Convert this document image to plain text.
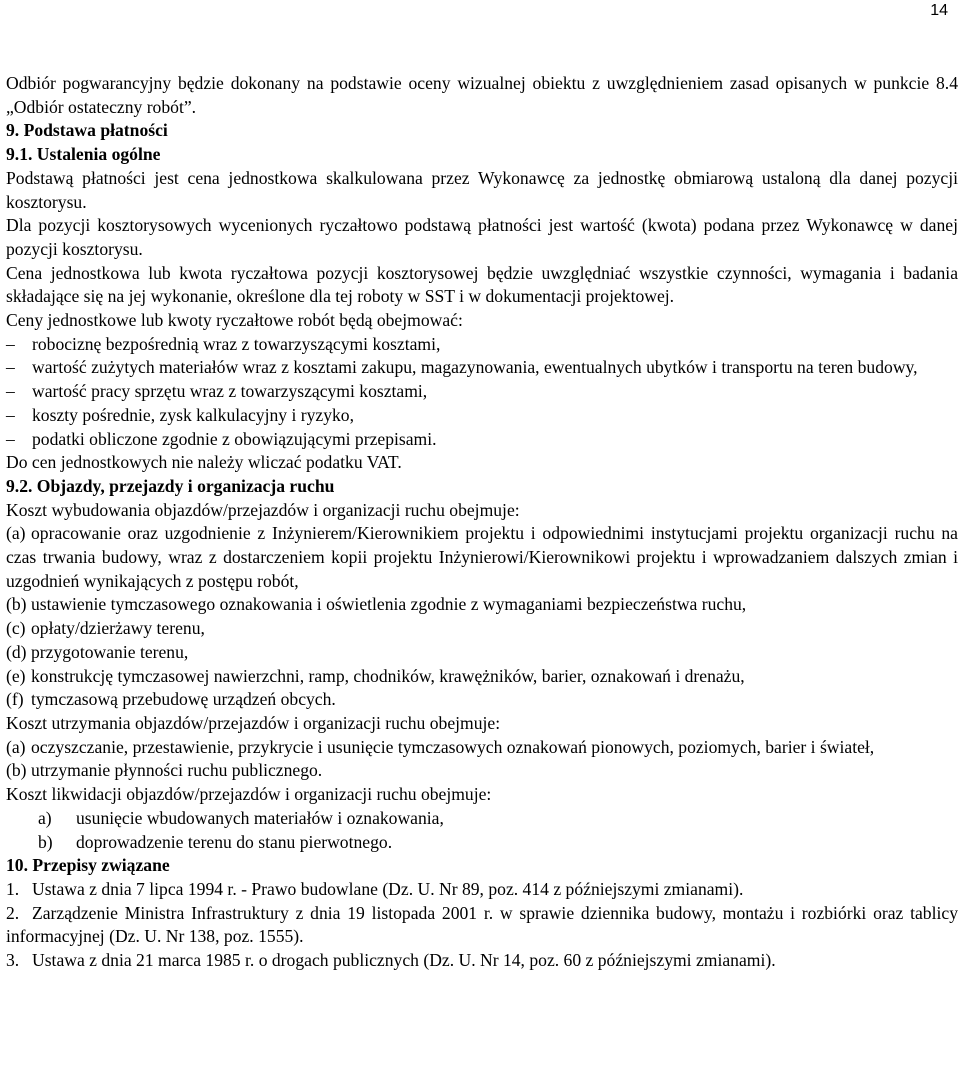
14

Odbiór pogwarancyjny będzie dokonany na podstawie oceny wizualnej obiektu z uwzględnieniem zasad opisanych w punkcie 8.4 „Odbiór ostateczny robót”.

9. Podstawa płatności

9.1. Ustalenia ogólne

Podstawą płatności jest cena jednostkowa skalkulowana przez Wykonawcę za jednostkę obmiarową ustaloną dla danej pozycji kosztorysu.

Dla pozycji kosztorysowych wycenionych ryczałtowo podstawą płatności jest wartość (kwota) podana przez Wykonawcę w danej pozycji kosztorysu.

Cena jednostkowa lub kwota ryczałtowa pozycji kosztorysowej będzie uwzględniać wszystkie czynności, wymagania i badania składające się na jej wykonanie, określone dla tej roboty w SST i w dokumentacji projektowej.

Ceny jednostkowe lub kwoty ryczałtowe robót będą obejmować:

– robociznę bezpośrednią wraz z towarzyszącymi kosztami,

– wartość zużytych materiałów wraz z kosztami zakupu, magazynowania, ewentualnych ubytków i transportu na teren budowy,

– wartość pracy sprzętu wraz z towarzyszącymi kosztami,

– koszty pośrednie, zysk kalkulacyjny i ryzyko,

– podatki obliczone zgodnie z obowiązującymi przepisami.

Do cen jednostkowych nie należy wliczać podatku VAT.

9.2. Objazdy, przejazdy i organizacja ruchu

Koszt wybudowania objazdów/przejazdów i organizacji ruchu obejmuje:

(a) opracowanie oraz uzgodnienie z Inżynierem/Kierownikiem projektu i odpowiednimi instytucjami projektu organizacji ruchu na czas trwania budowy, wraz z dostarczeniem kopii projektu Inżynierowi/Kierownikowi projektu i wprowadzaniem dalszych zmian i uzgodnień wynikających z postępu robót,

(b) ustawienie tymczasowego oznakowania i oświetlenia zgodnie z wymaganiami bezpieczeństwa ruchu,

(c) opłaty/dzierżawy terenu,

(d) przygotowanie terenu,

(e) konstrukcję tymczasowej nawierzchni, ramp, chodników, krawężników, barier, oznakowań i drenażu,

(f) tymczasową przebudowę urządzeń obcych.

Koszt utrzymania objazdów/przejazdów i organizacji ruchu obejmuje:

(a) oczyszczanie, przestawienie, przykrycie i usunięcie tymczasowych oznakowań pionowych, poziomych, barier i świateł,

(b) utrzymanie płynności ruchu publicznego.

Koszt likwidacji objazdów/przejazdów i organizacji ruchu obejmuje:

a) usunięcie wbudowanych materiałów i oznakowania,

b) doprowadzenie terenu do stanu pierwotnego.

10. Przepisy związane

1. Ustawa z dnia 7 lipca 1994 r. - Prawo budowlane (Dz. U. Nr 89, poz. 414 z późniejszymi zmianami).

2. Zarządzenie Ministra Infrastruktury z dnia 19 listopada 2001 r. w sprawie dziennika budowy, montażu i rozbiórki oraz tablicy informacyjnej (Dz. U. Nr 138, poz. 1555).

3. Ustawa z dnia 21 marca 1985 r. o drogach publicznych (Dz. U. Nr 14, poz. 60 z późniejszymi zmianami).
